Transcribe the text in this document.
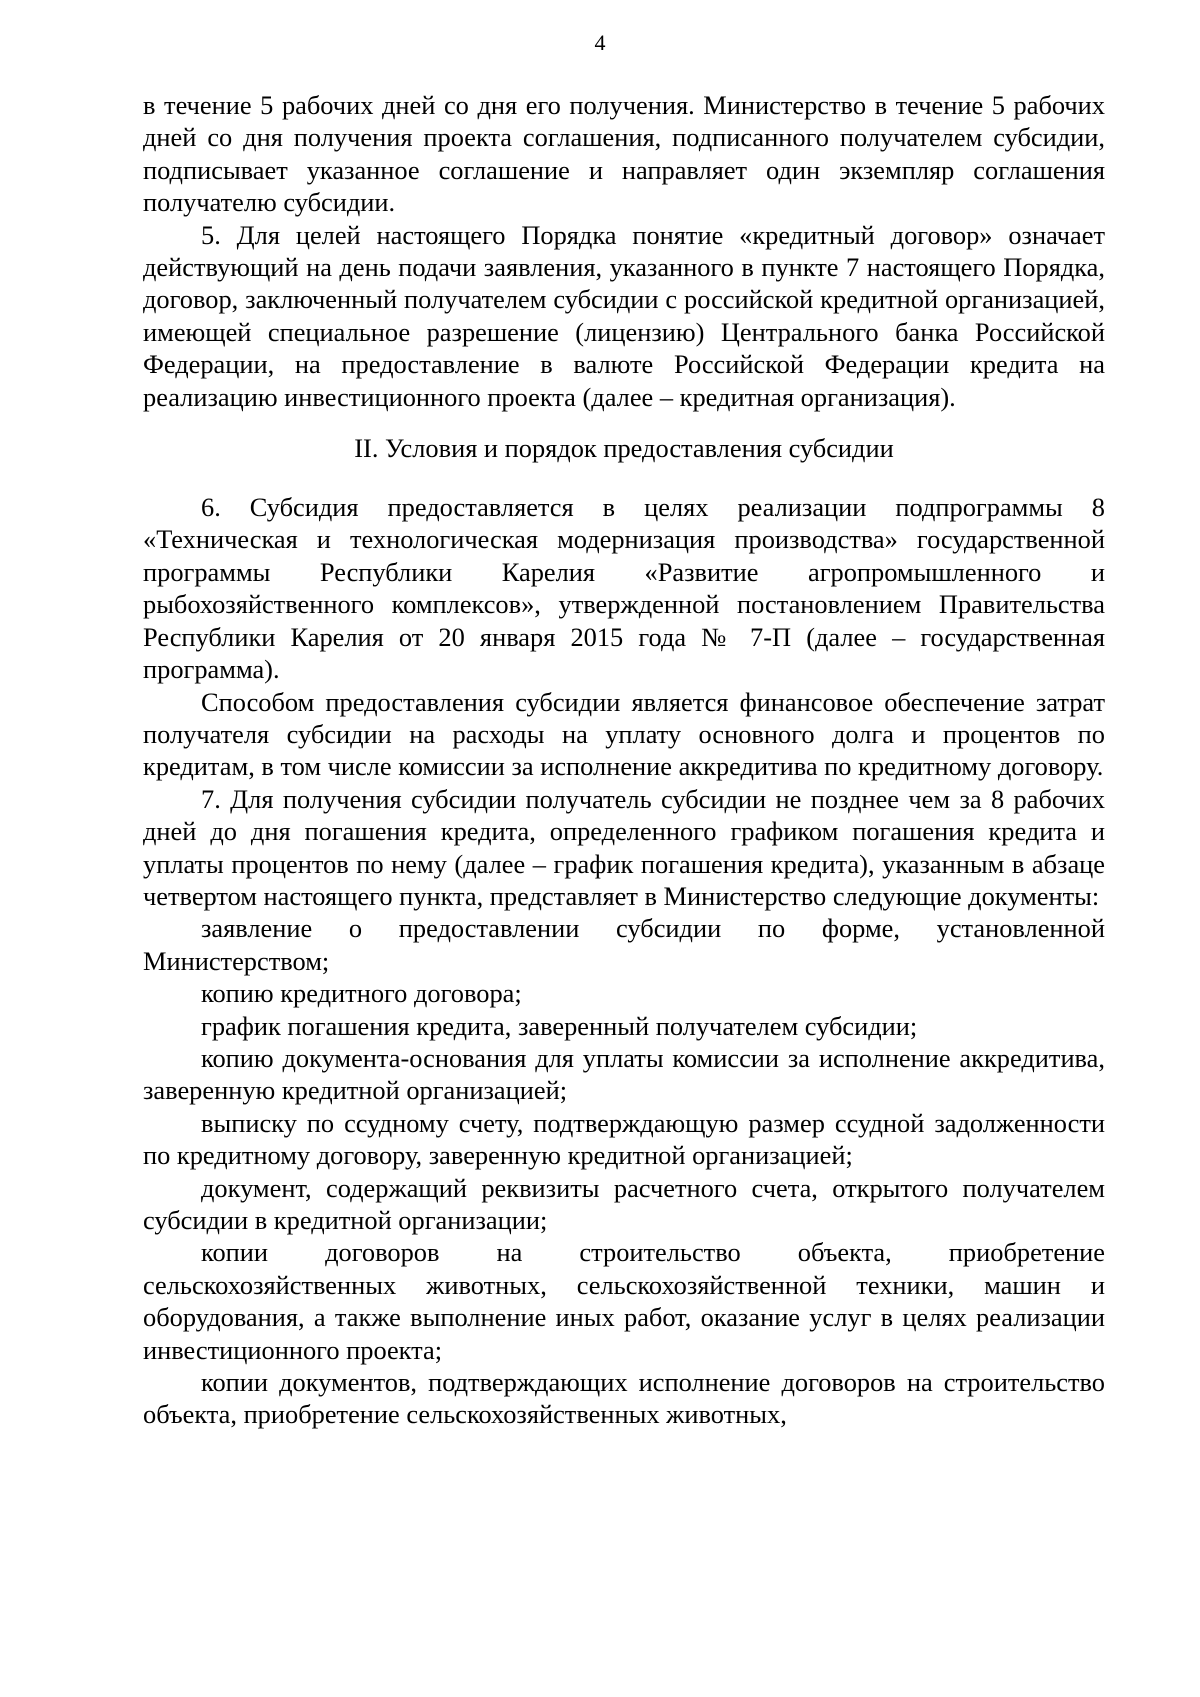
4

в течение 5 рабочих дней со дня его получения. Министерство в течение 5 рабочих дней со дня получения проекта соглашения, подписанного получателем субсидии, подписывает указанное соглашение и направляет один экземпляр соглашения получателю субсидии.

5. Для целей настоящего Порядка понятие «кредитный договор» означает действующий на день подачи заявления, указанного в пункте 7 настоящего Порядка, договор, заключенный получателем субсидии с российской кредитной организацией, имеющей специальное разрешение (лицензию) Центрального банка Российской Федерации, на предоставление в валюте Российской Федерации кредита на реализацию инвестиционного проекта (далее – кредитная организация).

II. Условия и порядок предоставления субсидии

6. Субсидия предоставляется в целях реализации подпрограммы 8 «Техническая и технологическая модернизация производства» государственной программы Республики Карелия «Развитие агропромышленного и рыбохозяйственного комплексов», утвержденной постановлением Правительства Республики Карелия от 20 января 2015 года № 7-П (далее – государственная программа).

Способом предоставления субсидии является финансовое обеспечение затрат получателя субсидии на расходы на уплату основного долга и процентов по кредитам, в том числе комиссии за исполнение аккредитива по кредитному договору.

7. Для получения субсидии получатель субсидии не позднее чем за 8 рабочих дней до дня погашения кредита, определенного графиком погашения кредита и уплаты процентов по нему (далее – график погашения кредита), указанным в абзаце четвертом настоящего пункта, представляет в Министерство следующие документы:

заявление о предоставлении субсидии по форме, установленной Министерством;

копию кредитного договора;

график погашения кредита, заверенный получателем субсидии;

копию документа-основания для уплаты комиссии за исполнение аккредитива, заверенную кредитной организацией;

выписку по ссудному счету, подтверждающую размер ссудной задолженности по кредитному договору, заверенную кредитной организацией;

документ, содержащий реквизиты расчетного счета, открытого получателем субсидии в кредитной организации;

копии договоров на строительство объекта, приобретение сельскохозяйственных животных, сельскохозяйственной техники, машин и оборудования, а также выполнение иных работ, оказание услуг в целях реализации инвестиционного проекта;

копии документов, подтверждающих исполнение договоров на строительство объекта, приобретение сельскохозяйственных животных,
